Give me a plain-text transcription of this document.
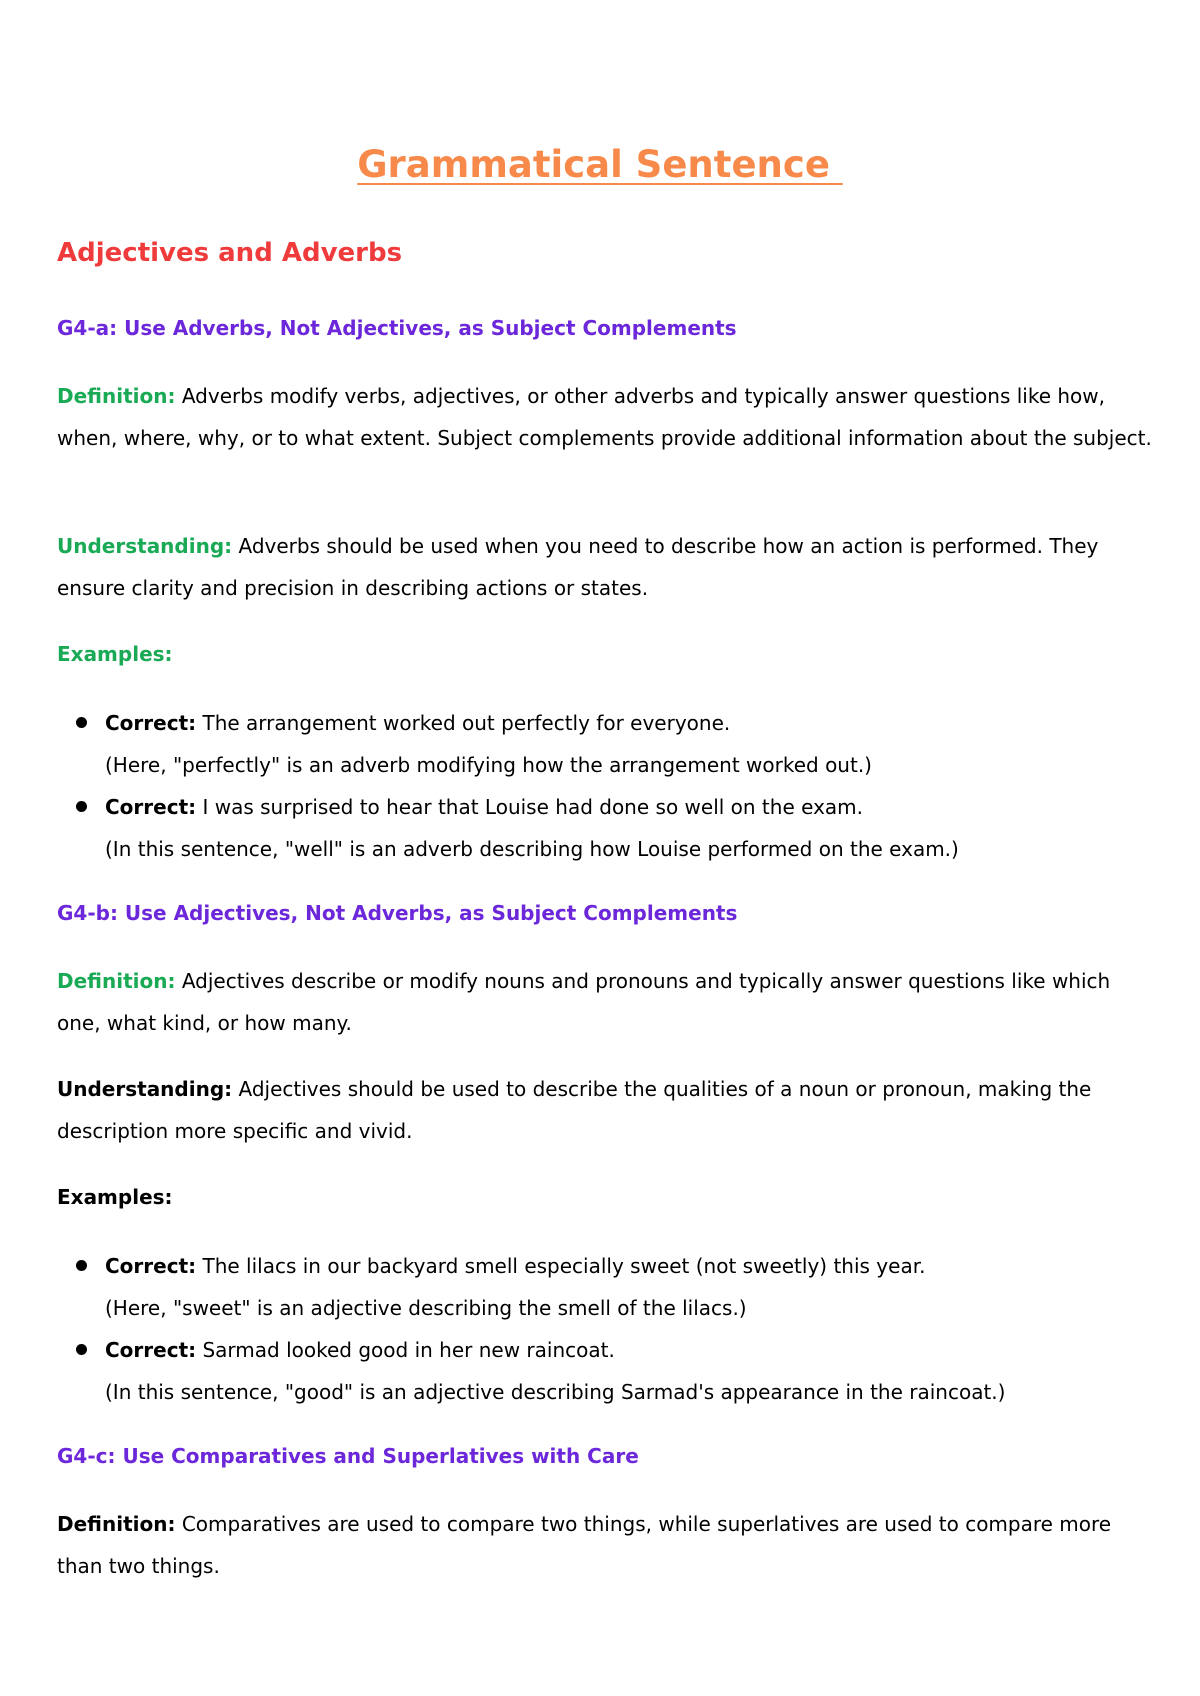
Grammatical Sentence
Adjectives and Adverbs
G4-a: Use Adverbs, Not Adjectives, as Subject Complements

Definition: Adverbs modify verbs, adjectives, or other adverbs and typically answer questions like how, when, where, why, or to what extent. Subject complements provide additional information about the subject.

Understanding: Adverbs should be used when you need to describe how an action is performed. They ensure clarity and precision in describing actions or states.

Examples:

Correct: The arrangement worked out perfectly for everyone.
(Here, "perfectly" is an adverb modifying how the arrangement worked out.)
Correct: I was surprised to hear that Louise had done so well on the exam.
(In this sentence, "well" is an adverb describing how Louise performed on the exam.)
G4-b: Use Adjectives, Not Adverbs, as Subject Complements

Definition: Adjectives describe or modify nouns and pronouns and typically answer questions like which one, what kind, or how many.

Understanding: Adjectives should be used to describe the qualities of a noun or pronoun, making the description more specific and vivid.

Examples:

Correct: The lilacs in our backyard smell especially sweet (not sweetly) this year.
(Here, "sweet" is an adjective describing the smell of the lilacs.)
Correct: Sarmad looked good in her new raincoat.
(In this sentence, "good" is an adjective describing Sarmad's appearance in the raincoat.)
G4-c: Use Comparatives and Superlatives with Care

Definition: Comparatives are used to compare two things, while superlatives are used to compare more than two things.
